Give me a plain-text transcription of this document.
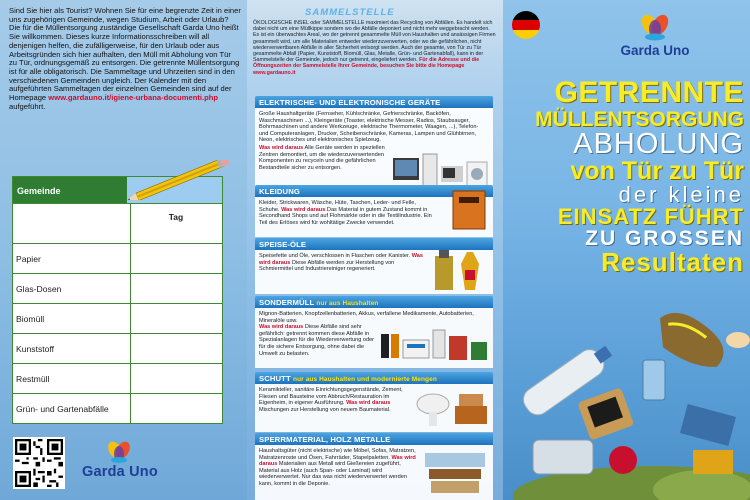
Sind Sie hier als Tourist? Wohnen Sie für eine begrenzte Zeit in einer uns zugehörigen Gemeinde, wegen Studium, Arbeit oder Urlaub? Die für die Müllentsorgung zuständige Gesellschaft Garda Uno heißt Sie willkommen. Dieses kurze Informationsschreiben will all denjenigen helfen, die zufälligerweise, für den Urlaub oder aus Arbeitsgründen sich hier aufhalten, den Müll mit Abholung von Tür zu Tür, ordnungsgemäß zu entsorgen. Die getrennte Müllentsorgung ist für alle obligatorisch. Die Sammeltage und Uhrzeiten sind in den verschiedenen Gemeinden ungleich. Der Kalender mit den aufgeführten Sammeltagen der einzelnen Gemeinden sind auf der Homepage www.gardauno.it/igiene-urbana-documenti.php aufgeführt.
Gemeinde
Tag
Papier
Glas-Dosen
Biomüll
Kunststoff
Restmüll
Grün- und Gartenabfälle
Garda Uno
SAMMELSTELLE
ÖKOLOGISCHE INSEL oder SAMMELSTELLE maximiert das Recycling von Abfällen. Es handelt sich dabei nicht um eine Müllkippe sondern wo die Abfälle deponiert und nicht mehr weggebracht werden. Es ist ein überwachtes Areal, wo der getrennt gesammelte Müll von Haushalten und ansässigen Firmen gesammelt wird, um alle Materialien entweder wiederzuverwerten, oder wo die gefährlichen, nicht wiederverwertbaren Abfälle in aller Sicherheit entsorgt werden. Auch der gesamte, von Tür zu Tür gesammelte Abfall (Papier, Kunststoff, Biomüll, Glas, Metalle, Grün- und Gartenabfall), kann in der Sammelstelle der Gemeinde, jedoch nur getrennt, eingeliefert werden. Für die Adresse und die Öffnungszeiten der Sammelstelle Ihrer Gemeinde, besuchen Sie bitte die Homepage www.gardauno.it
ELEKTRISCHE- UND ELEKTRONISCHE GERÄTE
Große Haushaltgeräte (Fernseher, Kühlschränke, Gefrierschränke, Backöfen, Waschmaschinen ...), Kleingeräte (Toaster, elektrische Messer, Radios, Staubsauger, Bohrmaschinen und andere Werkzeuge, elektrische Thermometer, Waagen, ...), Telefon- und Computeranlagen, Drucker, Scheibenschränke, Kameras, Lampen und Glühbirnen, Neon, elektrisches und elektronisches Spielzeug.
Was wird daraus Alle Geräte werden in speziellen Zentren demontiert, um die wiederzuverwertenden Komponenten zu recyceln und die gefährlichen Bestandteile sicher zu entsorgen.
KLEIDUNG
Kleider, Strickwaren, Wäsche, Hüte, Taschen, Leder- und Felle, Schuhe. Was wird daraus Das Material in gutem Zustand kommt in Secondhand Shops und auf Flohmärkte oder in die Textilindustrie. Ein Teil des Erlöses wird für wohltätige Zwecke verwendet.
SPEISE-ÖLE
Speisefette und Öle, verschlossen in Flaschen oder Kanister. Was wird daraus Diese Abfälle werden zur Herstellung von Schmiermittel und Industriereiniger regeneriert.
SONDERMÜLL nur aus Haushalten
Mignon-Batterien, Knopfzellenbatterien, Akkus, verfallene Medikamente, Autobatterien, Mineralöle usw.
Was wird daraus Diese Abfälle sind sehr gefährlich: getrennt kommen diese Abfälle in Spezialanlagen für die Wiederverwertung oder für die sichere Entsorgung, ohne dabei die Umwelt zu belasten.
SCHUTT nur aus Haushalten und modernierte Mengen
Keramikteller, sanitäre Einrichtungsgegenstände, Zement, Fliesen und Bausteine vom Abbruch/Restauration im Eigenheim, in eigener Ausführung. Was wird daraus Mischungen zur Herstellung von neuem Baumaterial.
SPERRMATERIAL, HOLZ METALLE
Haushaltsgüter (nicht elektrische) wie Möbel, Sofas, Matratzen, Matratzenroste und Ösen, Fahrräder, Stapelpaletten. Was wird daraus Materialien aus Metall wird Gießereien zugeführt, Material aus Holz (auch Span- oder Laminat) wird wiederverwertet. Nur das was nicht wiederverwertet werden kann, kommt in die Deponie.
Garda Uno
GETRENNTE
MÜLLENTSORGUNG
ABHOLUNG
von Tür zu Tür
der kleine
EINSATZ FÜHRT
ZU GROSSEN
Resultaten
